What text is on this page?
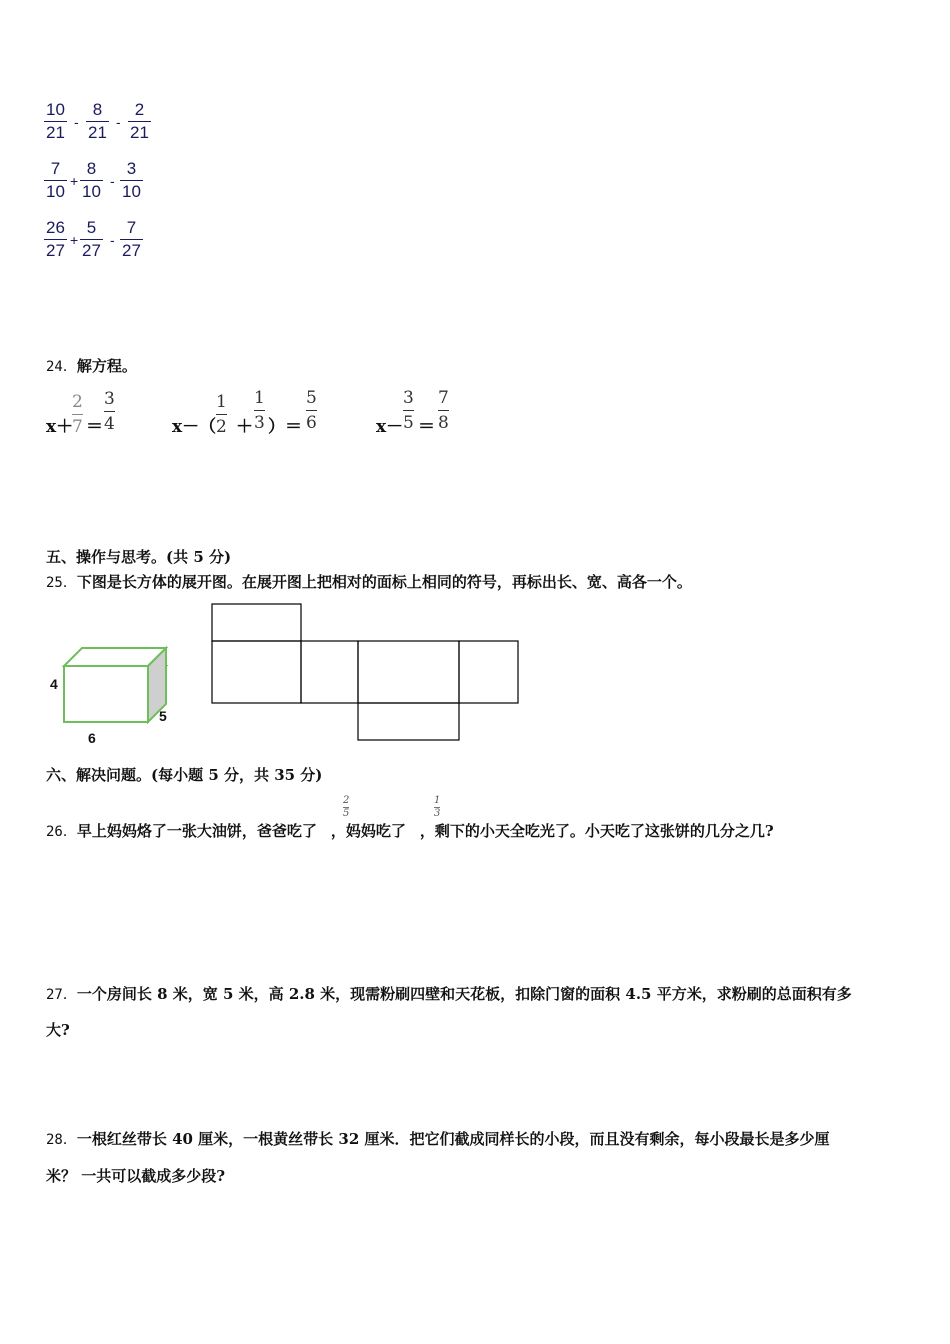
10
21
-
8
21
-
2
21
7
10
+
8
10
-
3
10
26
27
+
5
27
-
7
27
24．解方程。
x＋
2
7 ＝
3
4	x－（
1
2 ＋
1
3 ）＝
5
6	x－
3
5 ＝
7
8
五、操作与思考。(共 5 分)
25．下图是长方体的展开图。在展开图上把相对的面标上相同的符号，再标出长、宽、高各一个。
4
5
6
六、解决问题。(每小题 5 分，共 35 分)
26．早上妈妈烙了一张大油饼，爸爸吃了 ，妈妈吃了 ，剩下的小天全吃光了。小天吃了这张饼的几分之几?
2
5
1
3
27．一个房间长 8 米，宽 5 米，高 2.8 米，现需粉刷四壁和天花板，扣除门窗的面积 4.5 平方米，求粉刷的总面积有多
大?
28．一根红丝带长 40 厘米，一根黄丝带长 32 厘米．把它们截成同样长的小段，而且没有剩余，每小段最长是多少厘
米？ 一共可以截成多少段?
